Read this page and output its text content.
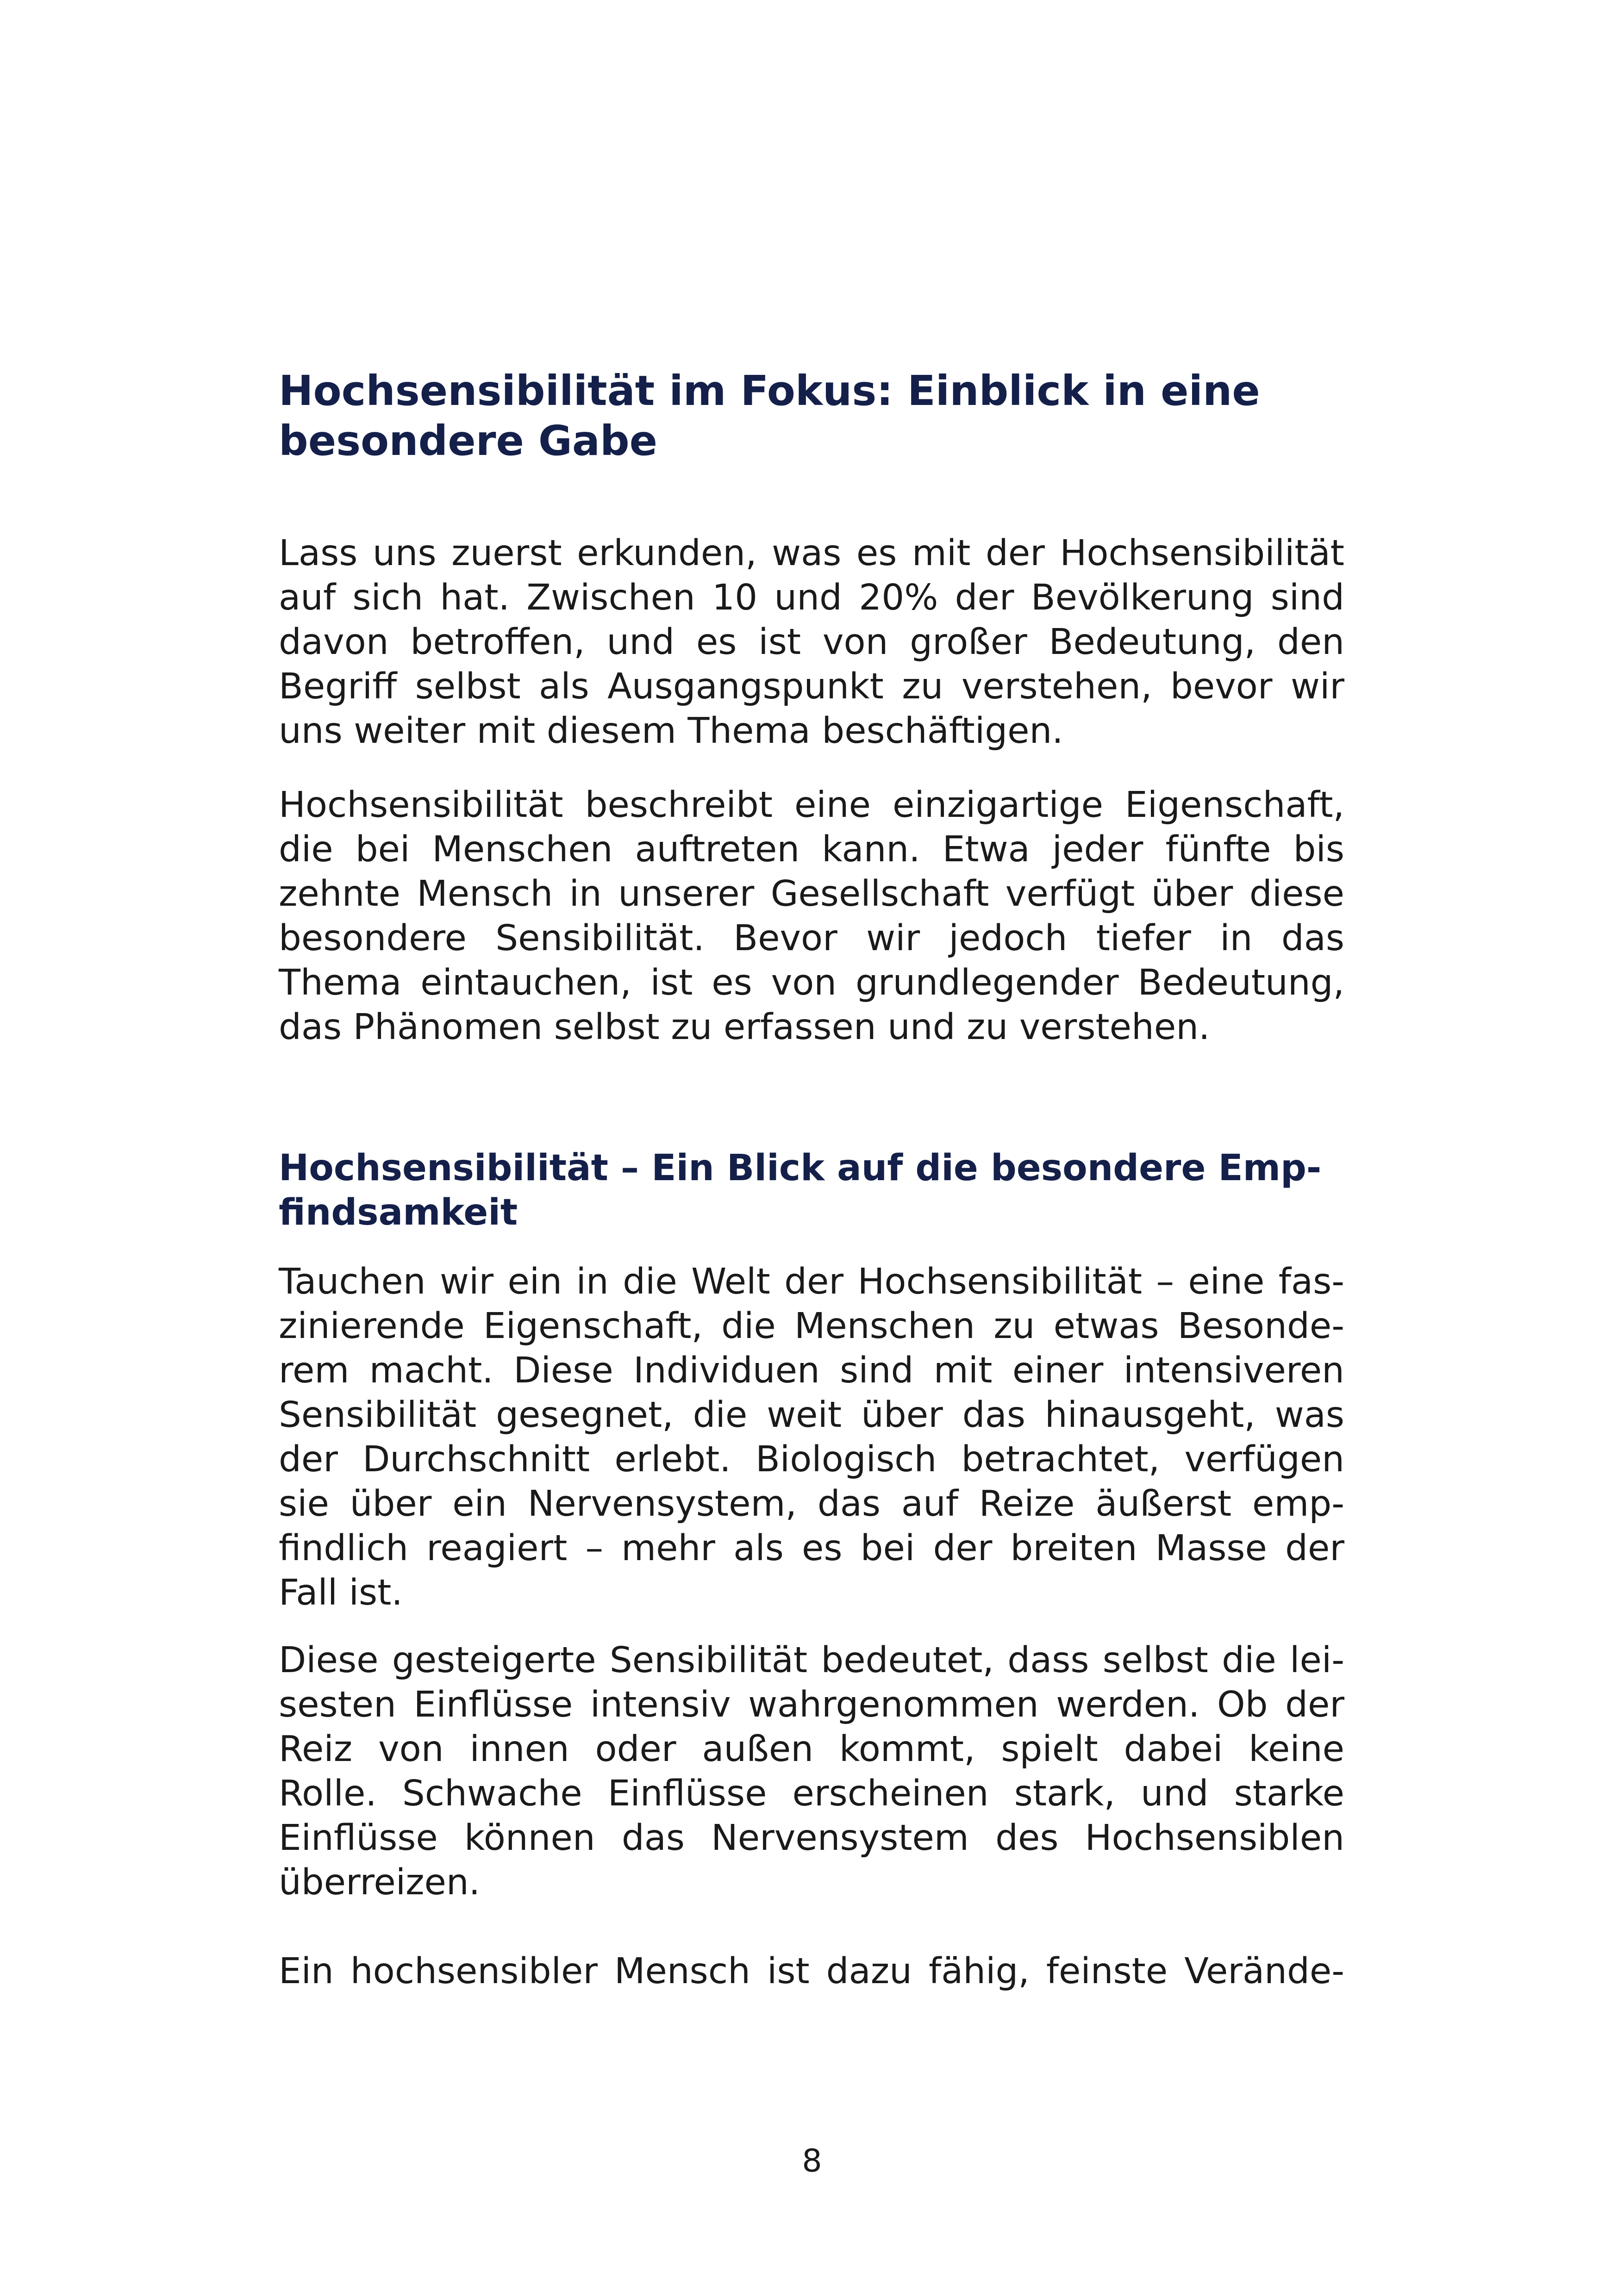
Hochsensibilität im Fokus: Einblick in eine
besondere Gabe

Lass uns zuerst erkunden, was es mit der Hochsensibilität
auf sich hat. Zwischen 10 und 20% der Bevölkerung sind
davon betroffen, und es ist von großer Bedeutung, den
Begriff selbst als Ausgangspunkt zu verstehen, bevor wir
uns weiter mit diesem Thema beschäftigen.

Hochsensibilität beschreibt eine einzigartige Eigenschaft,
die bei Menschen auftreten kann. Etwa jeder fünfte bis
zehnte Mensch in unserer Gesellschaft verfügt über diese
besondere Sensibilität. Bevor wir jedoch tiefer in das
Thema eintauchen, ist es von grundlegender Bedeutung,
das Phänomen selbst zu erfassen und zu verstehen.

Hochsensibilität – Ein Blick auf die besondere Emp-
findsamkeit

Tauchen wir ein in die Welt der Hochsensibilität – eine fas-
zinierende Eigenschaft, die Menschen zu etwas Besonde-
rem macht. Diese Individuen sind mit einer intensiveren
Sensibilität gesegnet, die weit über das hinausgeht, was
der Durchschnitt erlebt. Biologisch betrachtet, verfügen
sie über ein Nervensystem, das auf Reize äußerst emp-
findlich reagiert – mehr als es bei der breiten Masse der
Fall ist.

Diese gesteigerte Sensibilität bedeutet, dass selbst die lei-
sesten Einflüsse intensiv wahrgenommen werden. Ob der
Reiz von innen oder außen kommt, spielt dabei keine
Rolle. Schwache Einflüsse erscheinen stark, und starke
Einflüsse können das Nervensystem des Hochsensiblen
überreizen.

Ein hochsensibler Mensch ist dazu fähig, feinste Verände-

8
